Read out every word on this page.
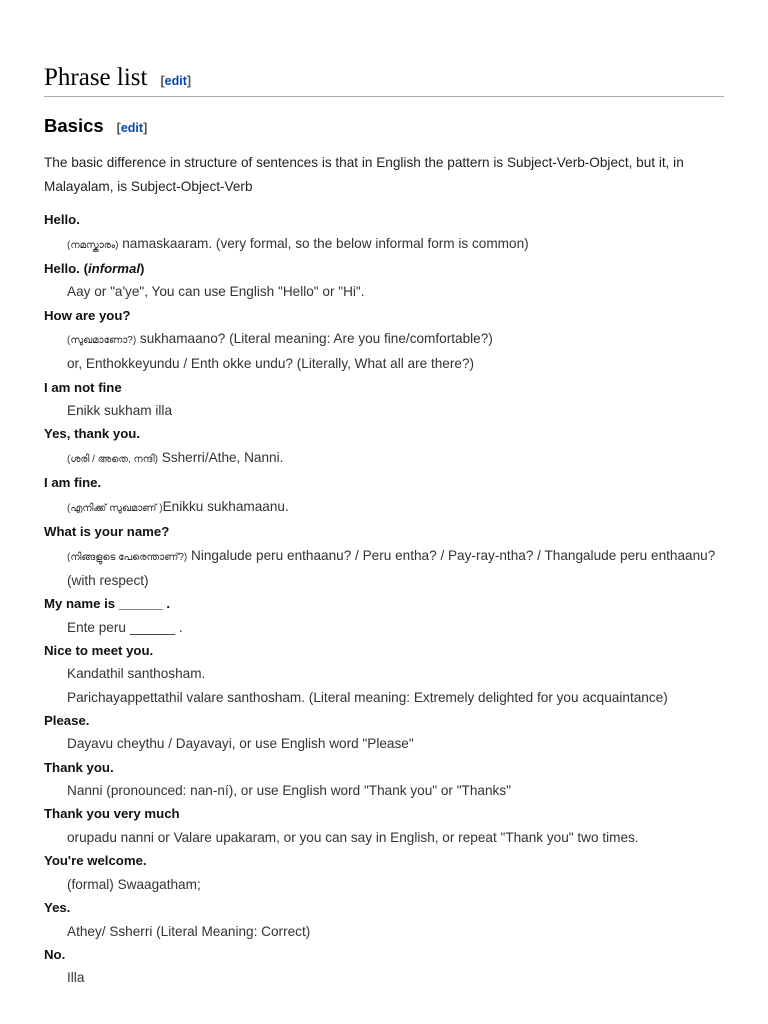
Phrase list [edit]
Basics [edit]

The basic difference in structure of sentences is that in English the pattern is Subject-Verb-Object, but it, in Malayalam, is Subject-Object-Verb

Hello.
(നമസ്കാരം) namaskaaram. (very formal, so the below informal form is common)
Hello. (informal)
Aay or "a'ye", You can use English "Hello" or "Hi".
How are you?
(സുഖമാണോ?) sukhamaano? (Literal meaning: Are you fine/comfortable?)
or, Enthokkeyundu / Enth okke undu? (Literally, What all are there?)
I am not fine
Enikk sukham illa
Yes, thank you.
(ശരി / അതെ, നന്ദി) Ssherri/Athe, Nanni.
I am fine.
(എനിക്ക് സുഖമാണ് )Enikku sukhamaanu.
What is your name?
(നിങ്ങളുടെ പേരെന്താണ്?) Ningalude peru enthaanu? / Peru entha? / Pay-ray-ntha? / Thangalude peru enthaanu? (with respect)
My name is ______ .
Ente peru ______ .
Nice to meet you.
Kandathil santhosham.
Parichayappettathil valare santhosham. (Literal meaning: Extremely delighted for you acquaintance)
Please.
Dayavu cheythu / Dayavayi, or use English word "Please"
Thank you.
Nanni (pronounced: nan-ní), or use English word "Thank you" or "Thanks"
Thank you very much
orupadu nanni or Valare upakaram, or you can say in English, or repeat "Thank you" two times.
You're welcome.
(formal) Swaagatham;
Yes.
Athey/ Ssherri (Literal Meaning: Correct)
No.
Illa
